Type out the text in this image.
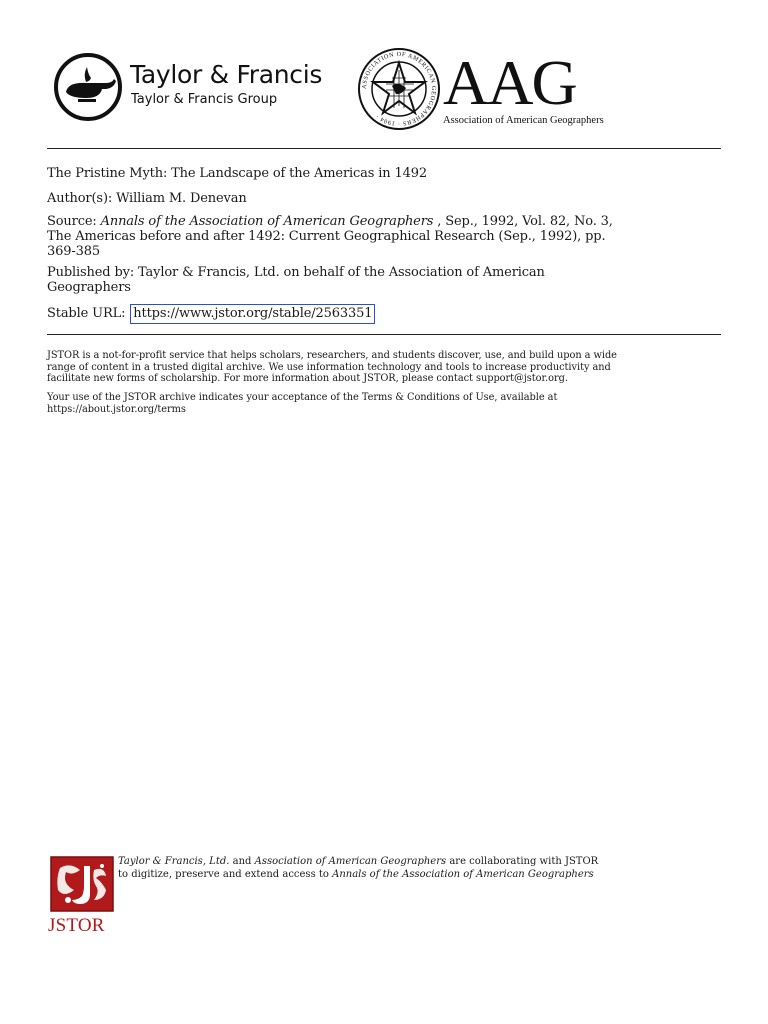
Taylor & Francis
Taylor & Francis Group
ASSOCIATION OF AMERICAN GEOGRAPHERS · 1904 · AAG
Association of American Geographers
The Pristine Myth: The Landscape of the Americas in 1492
Author(s): William M. Denevan
Source: Annals of the Association of American Geographers , Sep., 1992, Vol. 82, No. 3,
The Americas before and after 1492: Current Geographical Research (Sep., 1992), pp.
369-385
Published by: Taylor & Francis, Ltd. on behalf of the Association of American
Geographers
Stable URL: https://www.jstor.org/stable/2563351
JSTOR is a not-for-profit service that helps scholars, researchers, and students discover, use, and build upon a wide
range of content in a trusted digital archive. We use information technology and tools to increase productivity and
facilitate new forms of scholarship. For more information about JSTOR, please contact support@jstor.org.
Your use of the JSTOR archive indicates your acceptance of the Terms & Conditions of Use, available at
https://about.jstor.org/terms
JSTOR
Taylor & Francis, Ltd. and Association of American Geographers are collaborating with JSTOR
to digitize, preserve and extend access to Annals of the Association of American Geographers
